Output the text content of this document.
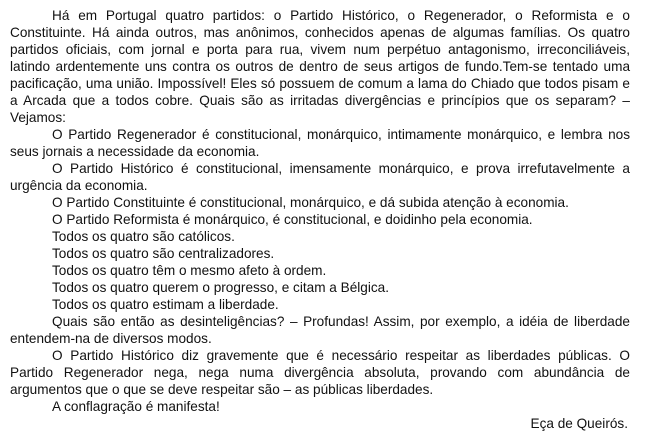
Há em Portugal quatro partidos: o Partido Histórico, o Regenerador, o Reformista e o Constituinte. Há ainda outros, mas anônimos, conhecidos apenas de algumas famílias. Os quatro partidos oficiais, com jornal e porta para rua, vivem num perpétuo antagonismo, irreconciliáveis, latindo ardentemente uns contra os outros de dentro de seus artigos de fundo.Tem-se tentado uma pacificação, uma união. Impossível! Eles só possuem de comum a lama do Chiado que todos pisam e a Arcada que a todos cobre. Quais são as irritadas divergências e princípios que os separam? – Vejamos:

O Partido Regenerador é constitucional, monárquico, intimamente monárquico, e lembra nos seus jornais a necessidade da economia.

O Partido Histórico é constitucional, imensamente monárquico, e prova irrefutavelmente a urgência da economia.

O Partido Constituinte é constitucional, monárquico, e dá subida atenção à economia.

O Partido Reformista é monárquico, é constitucional, e doidinho pela economia.

Todos os quatro são católicos.

Todos os quatro são centralizadores.

Todos os quatro têm o mesmo afeto à ordem.

Todos os quatro querem o progresso, e citam a Bélgica.

Todos os quatro estimam a liberdade.

Quais são então as desinteligências? – Profundas! Assim, por exemplo, a idéia de liberdade entendem-na de diversos modos.

O Partido Histórico diz gravemente que é necessário respeitar as liberdades públicas. O Partido Regenerador nega, nega numa divergência absoluta, provando com abundância de argumentos que o que se deve respeitar são – as públicas liberdades.

A conflagração é manifesta!

Eça de Queirós.
